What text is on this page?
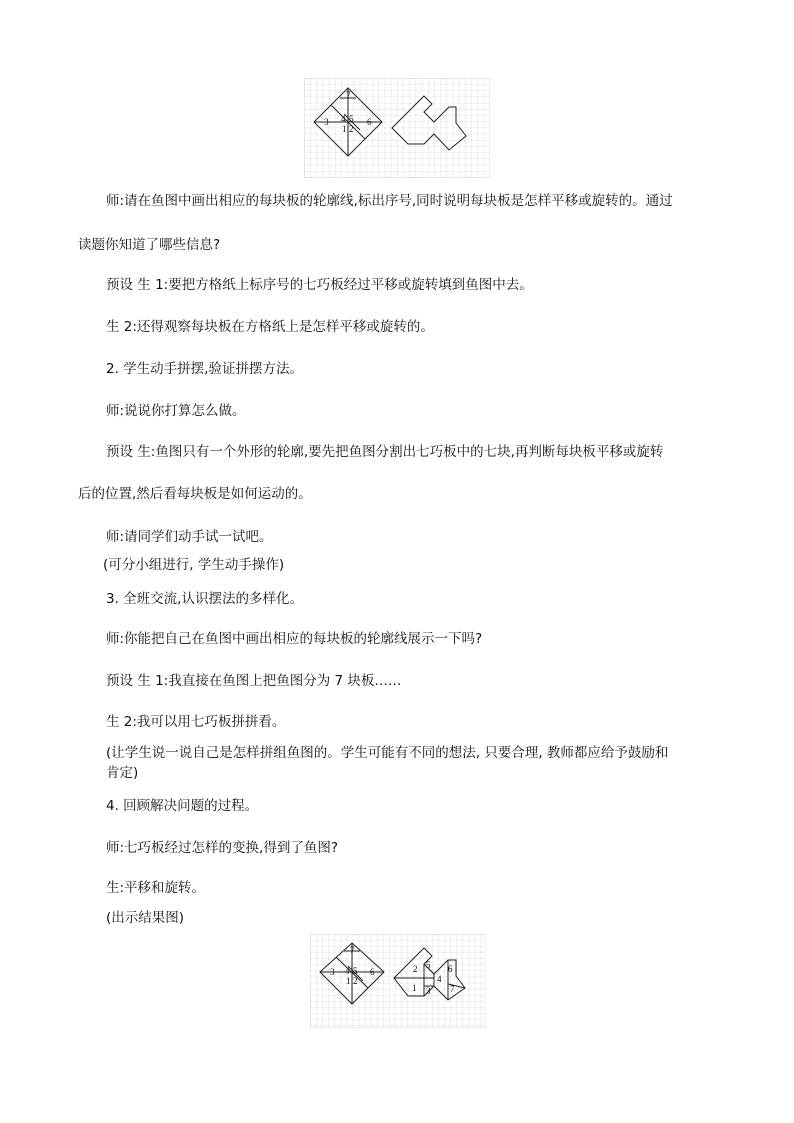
7
3 4 5 6
1 2
师:请在鱼图中画出相应的每块板的轮廓线,标出序号,同时说明每块板是怎样平移或旋转的。通过
读题你知道了哪些信息?
预设 生 1:要把方格纸上标序号的七巧板经过平移或旋转填到鱼图中去。
生 2:还得观察每块板在方格纸上是怎样平移或旋转的。
2. 学生动手拼摆,验证拼摆方法。
师:说说你打算怎么做。
预设 生:鱼图只有一个外形的轮廓,要先把鱼图分割出七巧板中的七块,再判断每块板平移或旋转
后的位置,然后看每块板是如何运动的。
师:请同学们动手试一试吧。
(可分小组进行, 学生动手操作)
3. 全班交流,认识摆法的多样化。
师:你能把自己在鱼图中画出相应的每块板的轮廓线展示一下吗?
预设 生 1:我直接在鱼图上把鱼图分为 7 块板……
生 2:我可以用七巧板拼拼看。
(让学生说一说自己是怎样拼组鱼图的。学生可能有不同的想法, 只要合理, 教师都应给予鼓励和
肯定)
4. 回顾解决问题的过程。
师:七巧板经过怎样的变换,得到了鱼图?
生:平移和旋转。
(出示结果图)
7
3 4 5 6
1 2
2 5 6
4
7
1 3
